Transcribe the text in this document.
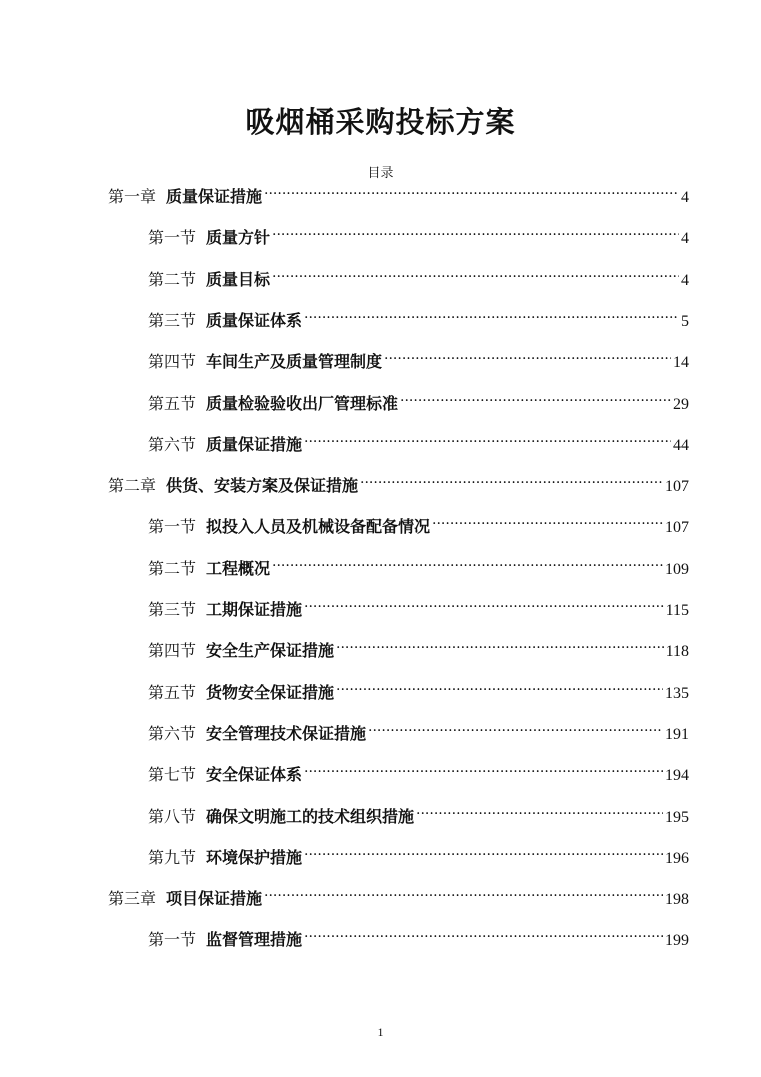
吸烟桶采购投标方案
目录
第一章 质量保证措施 .....	4
第一节 质量方针 .....	4
第二节 质量目标 .....	4
第三节 质量保证体系 .....	5
第四节 车间生产及质量管理制度 .....	14
第五节 质量检验验收出厂管理标准 .....	29
第六节 质量保证措施 .....	44
第二章 供货、安装方案及保证措施 .....	107
第一节 拟投入人员及机械设备配备情况 .....	107
第二节 工程概况 .....	109
第三节 工期保证措施 .....	115
第四节 安全生产保证措施 .....	118
第五节 货物安全保证措施 .....	135
第六节 安全管理技术保证措施 .....	191
第七节 安全保证体系 .....	194
第八节 确保文明施工的技术组织措施 .....	195
第九节 环境保护措施 .....	196
第三章 项目保证措施 .....	198
第一节 监督管理措施 .....	199
1
